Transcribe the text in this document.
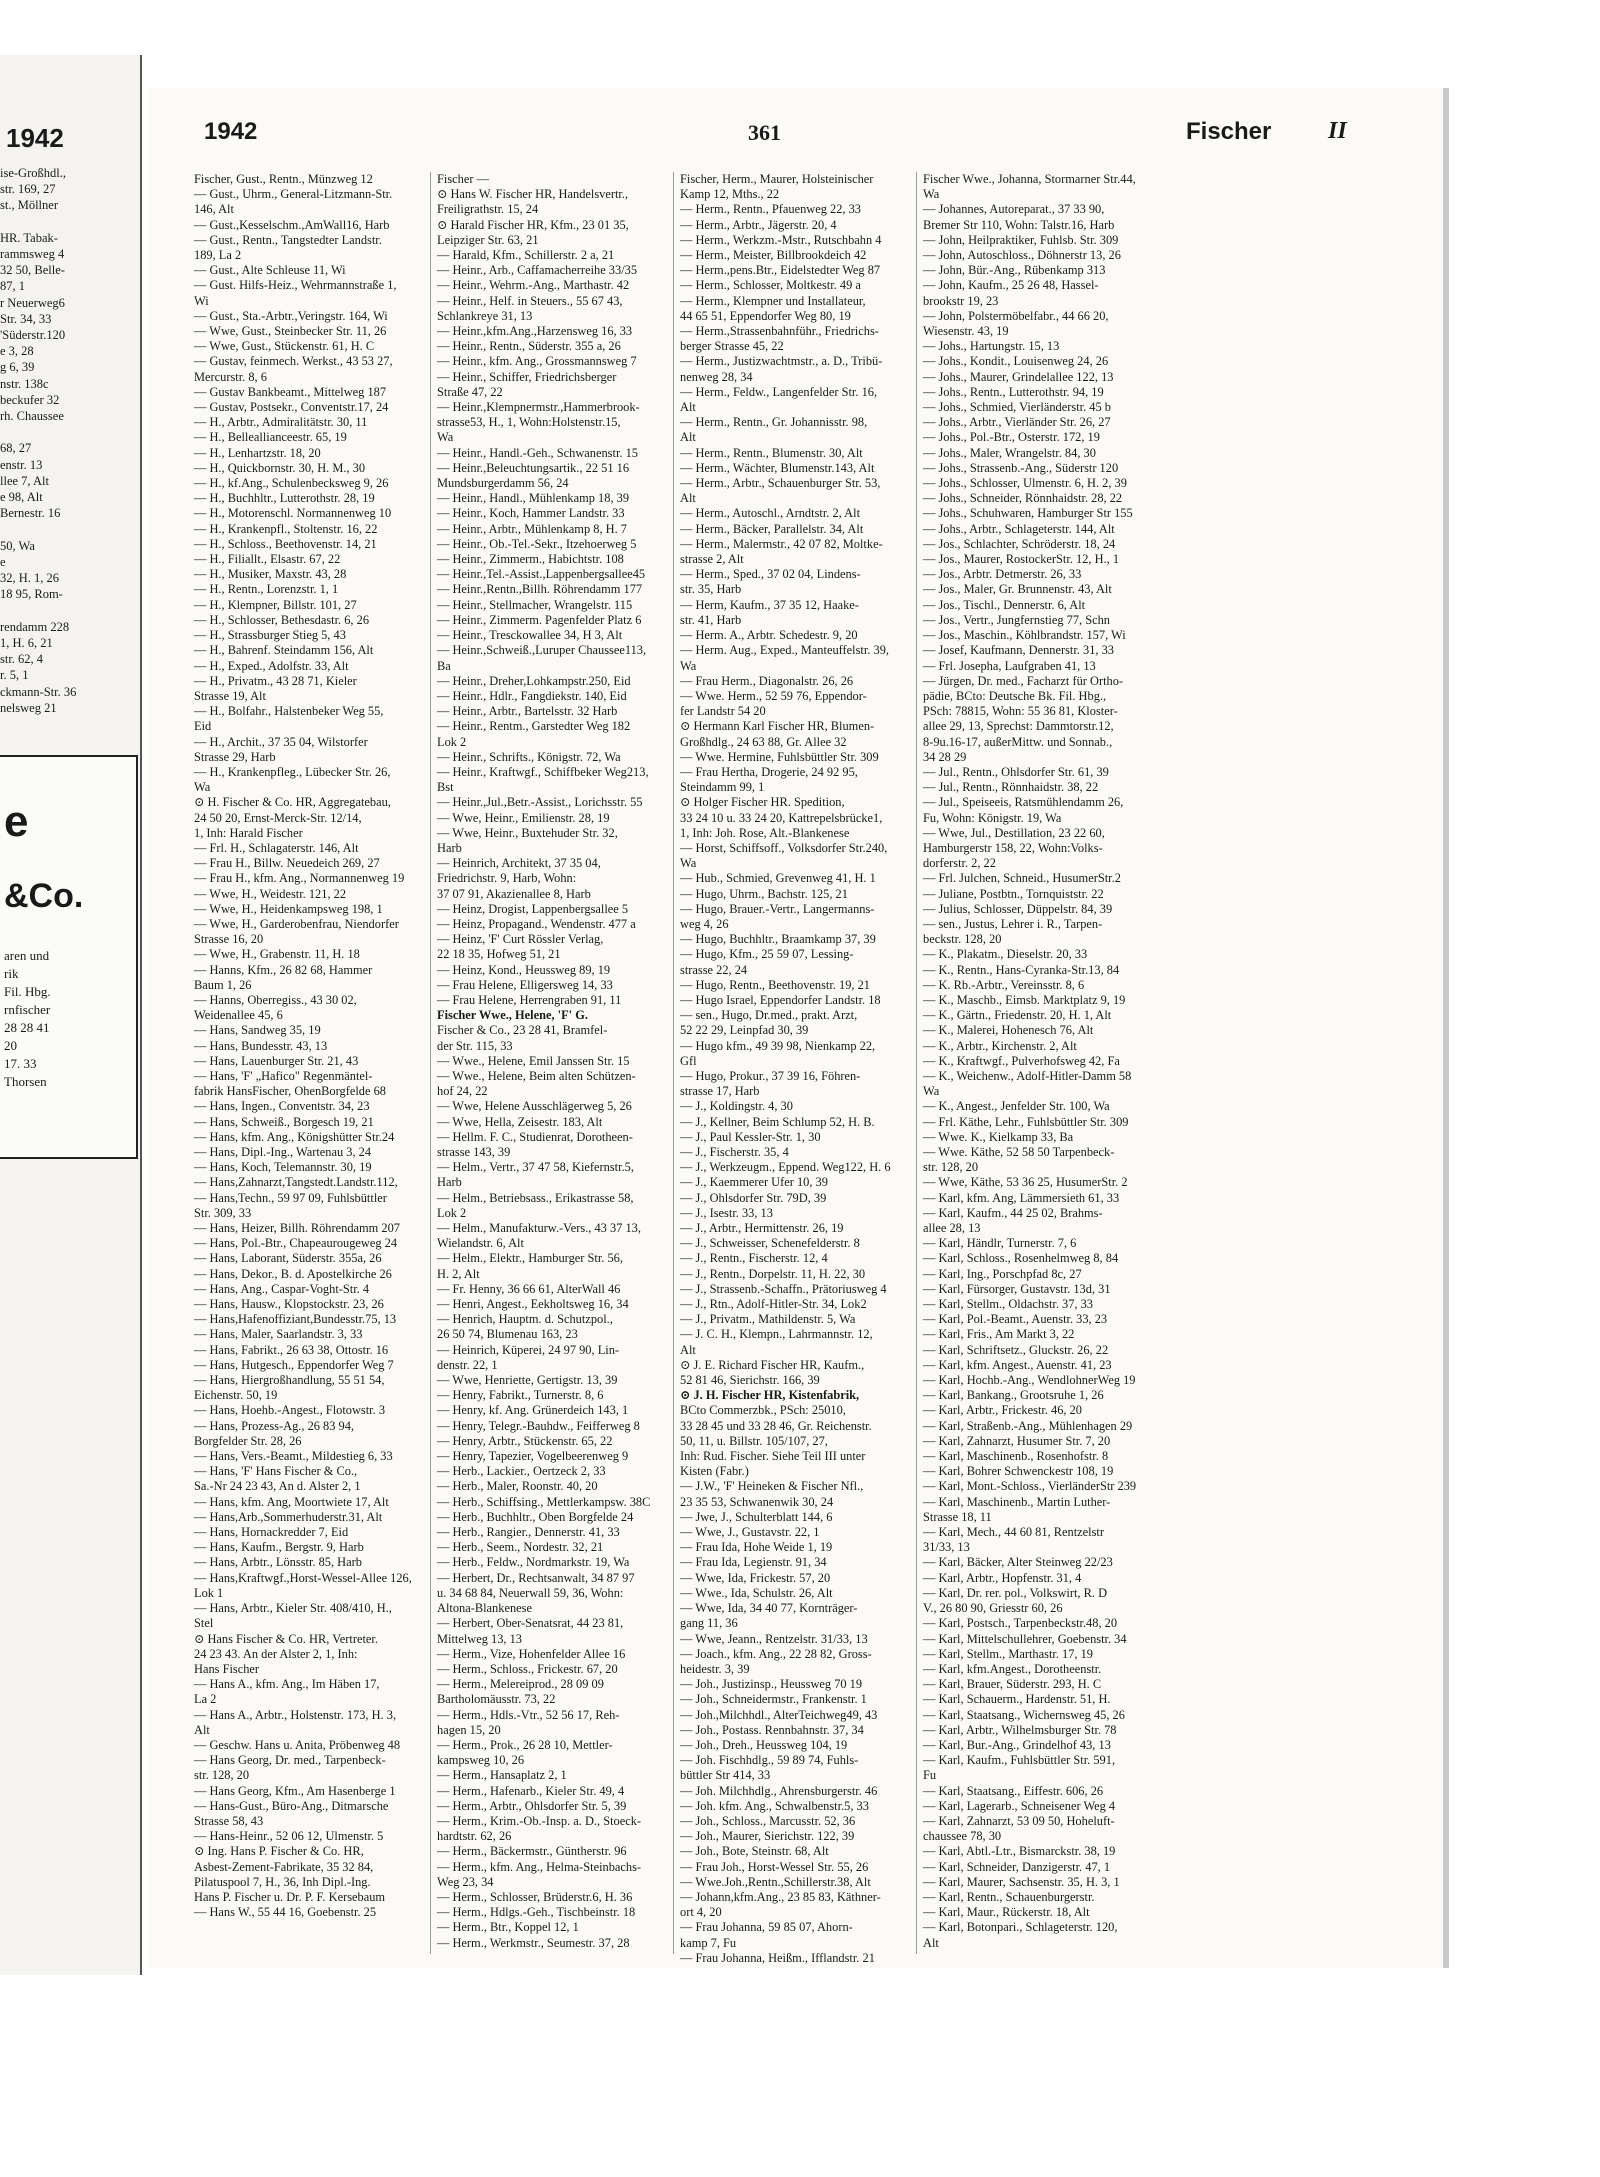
1942
ise-Großhdl.,
str. 169, 27
st., Möllner

HR. Tabak-
rammsweg 4
32 50, Belle-
87, 1
r Neuerweg6
Str. 34, 33
'Süderstr.120
e 3, 28
g 6, 39
nstr. 138c
beckufer 32
rh. Chaussee

68, 27
enstr. 13
llee 7, Alt
e 98, Alt
Bernestr. 16

50, Wa
e
32, H. 1, 26
18 95, Rom-

rendamm 228
1, H. 6, 21
str. 62, 4
r. 5, 1
ckmann-Str. 36
nelsweg 21
e
&Co.
aren und
rik
Fil. Hbg.
rnfischer
28 28 41
20
17. 33
Thorsen
1942	361	Fischer II
Fischer, Gust., Rentn., Münzweg 12
— Gust., Uhrm., General-Litzmann-Str.
146, Alt
— Gust.,Kesselschm.,AmWall16, Harb
— Gust., Rentn., Tangstedter Landstr.
189, La 2
— Gust., Alte Schleuse 11, Wi
— Gust. Hilfs-Heiz., Wehrmannstraße 1,
Wi
— Gust., Sta.-Arbtr.,Veringstr. 164, Wi
— Wwe, Gust., Steinbecker Str. 11, 26
— Wwe, Gust., Stückenstr. 61, H. C
— Gustav, feinmech. Werkst., 43 53 27,
Mercurstr. 8, 6
— Gustav Bankbeamt., Mittelweg 187
— Gustav, Postsekr., Conventstr.17, 24
— H., Arbtr., Admiralitätstr. 30, 11
— H., Belleallianceestr. 65, 19
— H., Lenhartzstr. 18, 20
— H., Quickbornstr. 30, H. M., 30
— H., kf.Ang., Schulenbecksweg 9, 26
— H., Buchhltr., Lutterothstr. 28, 19
— H., Motorenschl. Normannenweg 10
— H., Krankenpfl., Stoltenstr. 16, 22
— H., Schloss., Beethovenstr. 14, 21
— H., Filiallt., Elsastr. 67, 22
— H., Musiker, Maxstr. 43, 28
— H., Rentn., Lorenzstr. 1, 1
— H., Klempner, Billstr. 101, 27
— H., Schlosser, Bethesdastr. 6, 26
— H., Strassburger Stieg 5, 43
— H., Bahrenf. Steindamm 156, Alt
— H., Exped., Adolfstr. 33, Alt
— H., Privatm., 43 28 71, Kieler
Strasse 19, Alt
— H., Bolfahr., Halstenbeker Weg 55,
Eid
— H., Archit., 37 35 04, Wilstorfer
Strasse 29, Harb
— H., Krankenpfleg., Lübecker Str. 26,
Wa
⊙ H. Fischer & Co. HR, Aggregatebau,
24 50 20, Ernst-Merck-Str. 12/14,
1, Inh: Harald Fischer
— Frl. H., Schlagaterstr. 146, Alt
— Frau H., Billw. Neuedeich 269, 27
— Frau H., kfm. Ang., Normannenweg 19
— Wwe, H., Weidestr. 121, 22
— Wwe, H., Heidenkampsweg 198, 1
— Wwe, H., Garderobenfrau, Niendorfer
Strasse 16, 20
— Wwe, H., Grabenstr. 11, H. 18
— Hanns, Kfm., 26 82 68, Hammer
Baum 1, 26
— Hanns, Oberregiss., 43 30 02,
Weidenallee 45, 6
— Hans, Sandweg 35, 19
— Hans, Bundesstr. 43, 13
— Hans, Lauenburger Str. 21, 43
— Hans, 'F' „Hafico" Regenmäntel-
fabrik HansFischer, OhenBorgfelde 68
— Hans, Ingen., Conventstr. 34, 23
— Hans, Schweiß., Borgesch 19, 21
— Hans, kfm. Ang., Königshütter Str.24
— Hans, Dipl.-Ing., Wartenau 3, 24
— Hans, Koch, Telemannstr. 30, 19
— Hans,Zahnarzt,Tangstedt.Landstr.112,
— Hans,Techn., 59 97 09, Fuhlsbüttler
Str. 309, 33
— Hans, Heizer, Billh. Röhrendamm 207
— Hans, Pol.-Btr., Chapeaurougeweg 24
— Hans, Laborant, Süderstr. 355a, 26
— Hans, Dekor., B. d. Apostelkirche 26
— Hans, Ang., Caspar-Voght-Str. 4
— Hans, Hausw., Klopstockstr. 23, 26
— Hans,Hafenoffiziant,Bundesstr.75, 13
— Hans, Maler, Saarlandstr. 3, 33
— Hans, Fabrikt., 26 63 38, Ottostr. 16
— Hans, Hutgesch., Eppendorfer Weg 7
— Hans, Hiergroßhandlung, 55 51 54,
Eichenstr. 50, 19
— Hans, Hoehb.-Angest., Flotowstr. 3
— Hans, Prozess-Ag., 26 83 94,
Borgfelder Str. 28, 26
— Hans, Vers.-Beamt., Mildestieg 6, 33
— Hans, 'F' Hans Fischer & Co.,
Sa.-Nr 24 23 43, An d. Alster 2, 1
— Hans, kfm. Ang, Moortwiete 17, Alt
— Hans,Arb.,Sommerhuderstr.31, Alt
— Hans, Hornackredder 7, Eid
— Hans, Kaufm., Bergstr. 9, Harb
— Hans, Arbtr., Lönsstr. 85, Harb
— Hans,Kraftwgf.,Horst-Wessel-Allee 126,
Lok 1
— Hans, Arbtr., Kieler Str. 408/410, H.,
Stel
⊙ Hans Fischer & Co. HR, Vertreter.
24 23 43. An der Alster 2, 1, Inh:
Hans Fischer
— Hans A., kfm. Ang., Im Häben 17,
La 2
— Hans A., Arbtr., Holstenstr. 173, H. 3,
Alt
— Geschw. Hans u. Anita, Pröbenweg 48
— Hans Georg, Dr. med., Tarpenbeck-
str. 128, 20
— Hans Georg, Kfm., Am Hasenberge 1
— Hans-Gust., Büro-Ang., Ditmarsche
Strasse 58, 43
— Hans-Heinr., 52 06 12, Ulmenstr. 5
⊙ Ing. Hans P. Fischer & Co. HR,
Asbest-Zement-Fabrikate, 35 32 84,
Pilatuspool 7, H., 36, Inh Dipl.-Ing.
Hans P. Fischer u. Dr. P. F. Kersebaum
— Hans W., 55 44 16, Goebenstr. 25
Fischer —
⊙ Hans W. Fischer HR, Handelsvertr.,
Freiligrathstr. 15, 24
⊙ Harald Fischer HR, Kfm., 23 01 35,
Leipziger Str. 63, 21
— Harald, Kfm., Schillerstr. 2 a, 21
— Heinr., Arb., Caffamacherreihe 33/35
— Heinr., Wehrm.-Ang., Marthastr. 42
— Heinr., Helf. in Steuers., 55 67 43,
Schlankreye 31, 13
— Heinr.,kfm.Ang.,Harzensweg 16, 33
— Heinr., Rentn., Süderstr. 355 a, 26
— Heinr., kfm. Ang., Grossmannsweg 7
— Heinr., Schiffer, Friedrichsberger
Straße 47, 22
— Heinr.,Klempnermstr.,Hammerbrook-
strasse53, H., 1, Wohn:Holstenstr.15,
Wa
— Heinr., Handl.-Geh., Schwanenstr. 15
— Heinr.,Beleuchtungsartik., 22 51 16
Mundsburgerdamm 56, 24
— Heinr., Handl., Mühlenkamp 18, 39
— Heinr., Koch, Hammer Landstr. 33
— Heinr., Arbtr., Mühlenkamp 8, H. 7
— Heinr., Ob.-Tel.-Sekr., Itzehoerweg 5
— Heinr., Zimmerm., Habichtstr. 108
— Heinr.,Tel.-Assist.,Lappenbergsallee45
— Heinr.,Rentn.,Billh. Röhrendamm 177
— Heinr., Stellmacher, Wrangelstr. 115
— Heinr., Zimmerm. Pagenfelder Platz 6
— Heinr., Tresckowallee 34, H 3, Alt
— Heinr.,Schweiß.,Luruper Chaussee113,
Ba
— Heinr., Dreher,Lohkampstr.250, Eid
— Heinr., Hdlr., Fangdiekstr. 140, Eid
— Heinr., Arbtr., Bartelsstr. 32 Harb
— Heinr., Rentm., Garstedter Weg 182
Lok 2
— Heinr., Schrifts., Königstr. 72, Wa
— Heinr., Kraftwgf., Schiffbeker Weg213,
Bst
— Heinr.,Jul.,Betr.-Assist., Lorichsstr. 55
— Wwe, Heinr., Emilienstr. 28, 19
— Wwe, Heinr., Buxtehuder Str. 32,
Harb
— Heinrich, Architekt, 37 35 04,
Friedrichstr. 9, Harb, Wohn:
37 07 91, Akazienallee 8, Harb
— Heinz, Drogist, Lappenbergsallee 5
— Heinz, Propagand., Wendenstr. 477 a
— Heinz, 'F' Curt Rössler Verlag,
22 18 35, Hofweg 51, 21
— Heinz, Kond., Heussweg 89, 19
— Frau Helene, Elligersweg 14, 33
— Frau Helene, Herrengraben 91, 11
Fischer Wwe., Helene, 'F' G.
Fischer & Co., 23 28 41, Bramfel-
der Str. 115, 33
— Wwe., Helene, Emil Janssen Str. 15
— Wwe., Helene, Beim alten Schützen-
hof 24, 22
— Wwe, Helene Ausschlägerweg 5, 26
— Wwe, Hella, Zeisestr. 183, Alt
— Hellm. F. C., Studienrat, Dorotheen-
strasse 143, 39
— Helm., Vertr., 37 47 58, Kiefernstr.5,
Harb
— Helm., Betriebsass., Erikastrasse 58,
Lok 2
— Helm., Manufakturw.-Vers., 43 37 13,
Wielandstr. 6, Alt
— Helm., Elektr., Hamburger Str. 56,
H. 2, Alt
— Fr. Henny, 36 66 61, AlterWall 46
— Henri, Angest., Eekholtsweg 16, 34
— Henrich, Hauptm. d. Schutzpol.,
26 50 74, Blumenau 163, 23
— Heinrich, Küperei, 24 97 90, Lin-
denstr. 22, 1
— Wwe, Henriette, Gertigstr. 13, 39
— Henry, Fabrikt., Turnerstr. 8, 6
— Henry, kf. Ang. Grünerdeich 143, 1
— Henry, Telegr.-Bauhdw., Feifferweg 8
— Henry, Arbtr., Stückenstr. 65, 22
— Henry, Tapezier, Vogelbeerenweg 9
— Herb., Lackier., Oertzeck 2, 33
— Herb., Maler, Roonstr. 40, 20
— Herb., Schiffsing., Mettlerkampsw. 38C
— Herb., Buchhltr., Oben Borgfelde 24
— Herb., Rangier., Dennerstr. 41, 33
— Herb., Seem., Nordestr. 32, 21
— Herb., Feldw., Nordmarkstr. 19, Wa
— Herbert, Dr., Rechtsanwalt, 34 87 97
u. 34 68 84, Neuerwall 59, 36, Wohn:
Altona-Blankenese
— Herbert, Ober-Senatsrat, 44 23 81,
Mittelweg 13, 13
— Herm., Vize, Hohenfelder Allee 16
— Herm., Schloss., Frickestr. 67, 20
— Herm., Melereiprod., 28 09 09
Bartholomäusstr. 73, 22
— Herm., Hdls.-Vtr., 52 56 17, Reh-
hagen 15, 20
— Herm., Prok., 26 28 10, Mettler-
kampsweg 10, 26
— Herm., Hansaplatz 2, 1
— Herm., Hafenarb., Kieler Str. 49, 4
— Herm., Arbtr., Ohlsdorfer Str. 5, 39
— Herm., Krim.-Ob.-Insp. a. D., Stoeck-
hardtstr. 62, 26
— Herm., Bäckermstr., Güntherstr. 96
— Herm., kfm. Ang., Helma-Steinbachs-
Weg 23, 34
— Herm., Schlosser, Brüderstr.6, H. 36
— Herm., Hdlgs.-Geh., Tischbeinstr. 18
— Herm., Btr., Koppel 12, 1
— Herm., Werkmstr., Seumestr. 37, 28
Fischer, Herm., Maurer, Holsteinischer
Kamp 12, Mths., 22
— Herm., Rentn., Pfauenweg 22, 33
— Herm., Arbtr., Jägerstr. 20, 4
— Herm., Werkzm.-Mstr., Rutschbahn 4
— Herm., Meister, Billbrookdeich 42
— Herm.,pens.Btr., Eidelstedter Weg 87
— Herm., Schlosser, Moltkestr. 49 a
— Herm., Klempner und Installateur,
44 65 51, Eppendorfer Weg 80, 19
— Herm.,Strassenbahnführ., Friedrichs-
berger Strasse 45, 22
— Herm., Justizwachtmstr., a. D., Tribü-
nenweg 28, 34
— Herm., Feldw., Langenfelder Str. 16,
Alt
— Herm., Rentn., Gr. Johannisstr. 98,
Alt
— Herm., Rentn., Blumenstr. 30, Alt
— Herm., Wächter, Blumenstr.143, Alt
— Herm., Arbtr., Schauenburger Str. 53,
Alt
— Herm., Autoschl., Arndtstr. 2, Alt
— Herm., Bäcker, Parallelstr. 34, Alt
— Herm., Malermstr., 42 07 82, Moltke-
strasse 2, Alt
— Herm., Sped., 37 02 04, Lindens-
str. 35, Harb
— Herm, Kaufm., 37 35 12, Haake-
str. 41, Harb
— Herm. A., Arbtr. Schedestr. 9, 20
— Herm. Aug., Exped., Manteuffelstr. 39,
Wa
— Frau Herm., Diagonalstr. 26, 26
— Wwe. Herm., 52 59 76, Eppendor-
fer Landstr 54 20
⊙ Hermann Karl Fischer HR, Blumen-
Großhdlg., 24 63 88, Gr. Allee 32
— Wwe. Hermine, Fuhlsbüttler Str. 309
— Frau Hertha, Drogerie, 24 92 95,
Steindamm 99, 1
⊙ Holger Fischer HR. Spedition,
33 24 10 u. 33 24 20, Kattrepelsbrücke1,
1, Inh: Joh. Rose, Alt.-Blankenese
— Horst, Schiffsoff., Volksdorfer Str.240,
Wa
— Hub., Schmied, Grevenweg 41, H. 1
— Hugo, Uhrm., Bachstr. 125, 21
— Hugo, Brauer.-Vertr., Langermanns-
weg 4, 26
— Hugo, Buchhltr., Braamkamp 37, 39
— Hugo, Kfm., 25 59 07, Lessing-
strasse 22, 24
— Hugo, Rentn., Beethovenstr. 19, 21
— Hugo Israel, Eppendorfer Landstr. 18
— sen., Hugo, Dr.med., prakt. Arzt,
52 22 29, Leinpfad 30, 39
— Hugo kfm., 49 39 98, Nienkamp 22,
Gfl
— Hugo, Prokur., 37 39 16, Föhren-
strasse 17, Harb
— J., Koldingstr. 4, 30
— J., Kellner, Beim Schlump 52, H. B.
— J., Paul Kessler-Str. 1, 30
— J., Fischerstr. 35, 4
— J., Werkzeugm., Eppend. Weg122, H. 6
— J., Kaemmerer Ufer 10, 39
— J., Ohlsdorfer Str. 79D, 39
— J., Isestr. 33, 13
— J., Arbtr., Hermittenstr. 26, 19
— J., Schweisser, Schenefelderstr. 8
— J., Rentn., Fischerstr. 12, 4
— J., Rentn., Dorpelstr. 11, H. 22, 30
— J., Strassenb.-Schaffn., Prätoriusweg 4
— J., Rtn., Adolf-Hitler-Str. 34, Lok2
— J., Privatm., Mathildenstr. 5, Wa
— J. C. H., Klempn., Lahrmannstr. 12,
Alt
⊙ J. E. Richard Fischer HR, Kaufm.,
52 81 46, Sierichstr. 166, 39
⊙ J. H. Fischer HR, Kistenfabrik,
BCto Commerzbk., PSch: 25010,
33 28 45 und 33 28 46, Gr. Reichenstr.
50, 11, u. Billstr. 105/107, 27,
Inh: Rud. Fischer. Siehe Teil III unter
Kisten (Fabr.)
— J.W., 'F' Heineken & Fischer Nfl.,
23 35 53, Schwanenwik 30, 24
— Jwe, J., Schulterblatt 144, 6
— Wwe, J., Gustavstr. 22, 1
— Frau Ida, Hohe Weide 1, 19
— Frau Ida, Legienstr. 91, 34
— Wwe, Ida, Frickestr. 57, 20
— Wwe., Ida, Schulstr. 26, Alt
— Wwe, Ida, 34 40 77, Kornträger-
gang 11, 36
— Wwe, Jeann., Rentzelstr. 31/33, 13
— Joach., kfm. Ang., 22 28 82, Gross-
heidestr. 3, 39
— Joh., Justizinsp., Heussweg 70 19
— Joh., Schneidermstr., Frankenstr. 1
— Joh.,Milchhdl., AlterTeichweg49, 43
— Joh., Postass. Rennbahnstr. 37, 34
— Joh., Dreh., Heussweg 104, 19
— Joh. Fischhdlg., 59 89 74, Fuhls-
büttler Str 414, 33
— Joh. Milchhdlg., Ahrensburgerstr. 46
— Joh. kfm. Ang., Schwalbenstr.5, 33
— Joh., Schloss., Marcusstr. 52, 36
— Joh., Maurer, Sierichstr. 122, 39
— Joh., Bote, Steinstr. 68, Alt
— Frau Joh., Horst-Wessel Str. 55, 26
— Wwe.Joh.,Rentn.,Schillerstr.38, Alt
— Johann,kfm.Ang., 23 85 83, Käthner-
ort 4, 20
— Frau Johanna, 59 85 07, Ahorn-
kamp 7, Fu
— Frau Johanna, Heißm., Ifflandstr. 21
Fischer Wwe., Johanna, Stormarner Str.44,
Wa
— Johannes, Autoreparat., 37 33 90,
Bremer Str 110, Wohn: Talstr.16, Harb
— John, Heilpraktiker, Fuhlsb. Str. 309
— John, Autoschloss., Döhnerstr 13, 26
— John, Bür.-Ang., Rübenkamp 313
— John, Kaufm., 25 26 48, Hassel-
brookstr 19, 23
— John, Polstermöbelfabr., 44 66 20,
Wiesenstr. 43, 19
— Johs., Hartungstr. 15, 13
— Johs., Kondit., Louisenweg 24, 26
— Johs., Maurer, Grindelallee 122, 13
— Johs., Rentn., Lutterothstr. 94, 19
— Johs., Schmied, Vierländerstr. 45 b
— Johs., Arbtr., Vierländer Str. 26, 27
— Johs., Pol.-Btr., Osterstr. 172, 19
— Johs., Maler, Wrangelstr. 84, 30
— Johs., Strassenb.-Ang., Süderstr 120
— Johs., Schlosser, Ulmenstr. 6, H. 2, 39
— Johs., Schneider, Rönnhaidstr. 28, 22
— Johs., Schuhwaren, Hamburger Str 155
— Johs., Arbtr., Schlageterstr. 144, Alt
— Jos., Schlachter, Schröderstr. 18, 24
— Jos., Maurer, RostockerStr. 12, H., 1
— Jos., Arbtr. Detmerstr. 26, 33
— Jos., Maler, Gr. Brunnenstr. 43, Alt
— Jos., Tischl., Dennerstr. 6, Alt
— Jos., Vertr., Jungfernstieg 77, Schn
— Jos., Maschin., Köhlbrandstr. 157, Wi
— Josef, Kaufmann, Dennerstr. 31, 33
— Frl. Josepha, Laufgraben 41, 13
— Jürgen, Dr. med., Facharzt für Ortho-
pädie, BCto: Deutsche Bk. Fil. Hbg.,
PSch: 78815, Wohn: 55 36 81, Kloster-
allee 29, 13, Sprechst: Dammtorstr.12,
8-9u.16-17, außerMittw. und Sonnab.,
34 28 29
— Jul., Rentn., Ohlsdorfer Str. 61, 39
— Jul., Rentn., Rönnhaidstr. 38, 22
— Jul., Speiseeis, Ratsmühlendamm 26,
Fu, Wohn: Königstr. 19, Wa
— Wwe, Jul., Destillation, 23 22 60,
Hamburgerstr 158, 22, Wohn:Volks-
dorferstr. 2, 22
— Frl. Julchen, Schneid., HusumerStr.2
— Juliane, Postbtn., Tornquiststr. 22
— Julius, Schlosser, Düppelstr. 84, 39
— sen., Justus, Lehrer i. R., Tarpen-
beckstr. 128, 20
— K., Plakatm., Dieselstr. 20, 33
— K., Rentn., Hans-Cyranka-Str.13, 84
— K. Rb.-Arbtr., Vereinsstr. 8, 6
— K., Maschb., Eimsb. Marktplatz 9, 19
— K., Gärtn., Friedenstr. 20, H. 1, Alt
— K., Malerei, Hohenesch 76, Alt
— K., Arbtr., Kirchenstr. 2, Alt
— K., Kraftwgf., Pulverhofsweg 42, Fa
— K., Weichenw., Adolf-Hitler-Damm 58
Wa
— K., Angest., Jenfelder Str. 100, Wa
— Frl. Käthe, Lehr., Fuhlsbüttler Str. 309
— Wwe. K., Kielkamp 33, Ba
— Wwe. Käthe, 52 58 50 Tarpenbeck-
str. 128, 20
— Wwe, Käthe, 53 36 25, HusumerStr. 2
— Karl, kfm. Ang, Lämmersieth 61, 33
— Karl, Kaufm., 44 25 02, Brahms-
allee 28, 13
— Karl, Händlr, Turnerstr. 7, 6
— Karl, Schloss., Rosenhelmweg 8, 84
— Karl, Ing., Porschpfad 8c, 27
— Karl, Fürsorger, Gustavstr. 13d, 31
— Karl, Stellm., Oldachstr. 37, 33
— Karl, Pol.-Beamt., Auenstr. 33, 23
— Karl, Fris., Am Markt 3, 22
— Karl, Schriftsetz., Gluckstr. 26, 22
— Karl, kfm. Angest., Auenstr. 41, 23
— Karl, Hochb.-Ang., WendlohnerWeg 19
— Karl, Bankang., Grootsruhe 1, 26
— Karl, Arbtr., Frickestr. 46, 20
— Karl, Straßenb.-Ang., Mühlenhagen 29
— Karl, Zahnarzt, Husumer Str. 7, 20
— Karl, Maschinenb., Rosenhofstr. 8
— Karl, Bohrer Schwenckestr 108, 19
— Karl, Mont.-Schloss., VierländerStr 239
— Karl, Maschinenb., Martin Luther-
Strasse 18, 11
— Karl, Mech., 44 60 81, Rentzelstr
31/33, 13
— Karl, Bäcker, Alter Steinweg 22/23
— Karl, Arbtr., Hopfenstr. 31, 4
— Karl, Dr. rer. pol., Volkswirt, R. D
V., 26 80 90, Griesstr 60, 26
— Karl, Postsch., Tarpenbeckstr.48, 20
— Karl, Mittelschullehrer, Goebenstr. 34
— Karl, Stellm., Marthastr. 17, 19
— Karl, kfm.Angest., Dorotheenstr.
— Karl, Brauer, Süderstr. 293, H. C
— Karl, Schauerm., Hardenstr. 51, H.
— Karl, Staatsang., Wichernsweg 45, 26
— Karl, Arbtr., Wilhelmsburger Str. 78
— Karl, Bur.-Ang., Grindelhof 43, 13
— Karl, Kaufm., Fuhlsbüttler Str. 591,
Fu
— Karl, Staatsang., Eiffestr. 606, 26
— Karl, Lagerarb., Schneisener Weg 4
— Karl, Zahnarzt, 53 09 50, Hoheluft-
chaussee 78, 30
— Karl, Abtl.-Ltr., Bismarckstr. 38, 19
— Karl, Schneider, Danzigerstr. 47, 1
— Karl, Maurer, Sachsenstr. 35, H. 3, 1
— Karl, Rentn., Schauenburgerstr.
— Karl, Maur., Rückerstr. 18, Alt
— Karl, Botonpari., Schlageterstr. 120,
Alt
